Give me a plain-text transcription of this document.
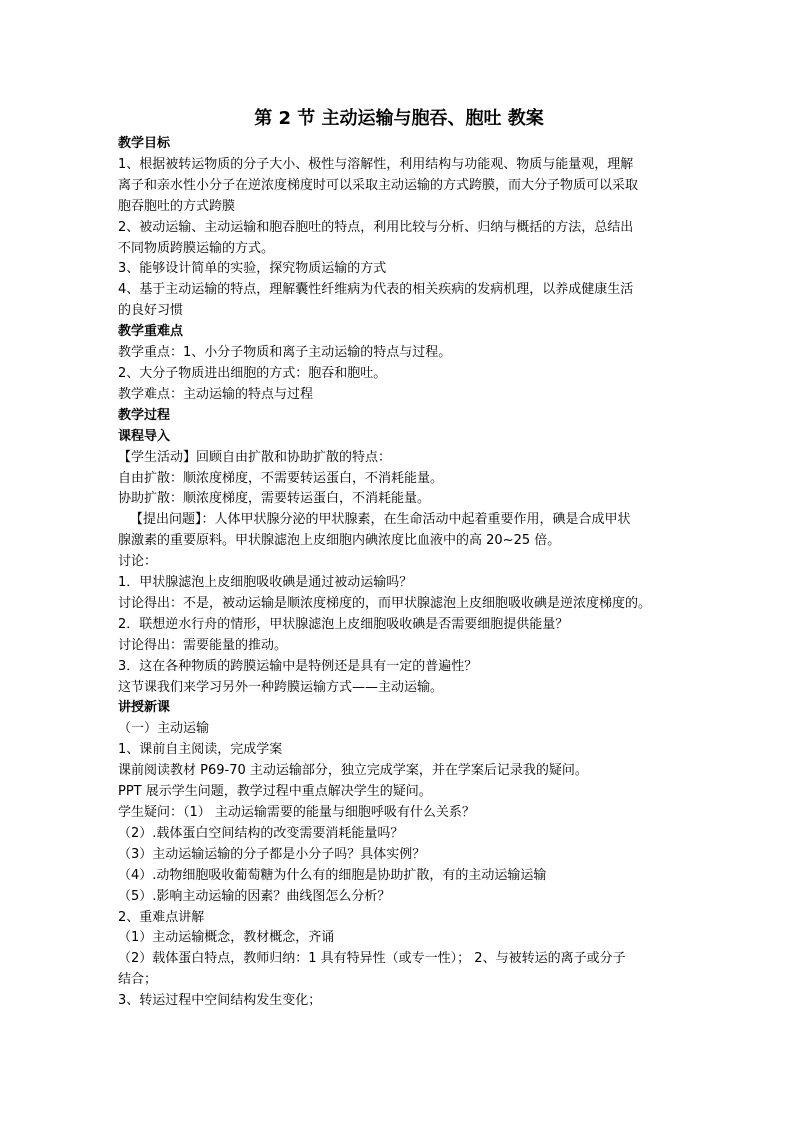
第 2 节 主动运输与胞吞、胞吐 教案

教学目标

1、根据被转运物质的分子大小、极性与溶解性，利用结构与功能观、物质与能量观，理解

离子和亲水性小分子在逆浓度梯度时可以采取主动运输的方式跨膜，而大分子物质可以采取

胞吞胞吐的方式跨膜

2、被动运输、主动运输和胞吞胞吐的特点，利用比较与分析、归纳与概括的方法，总结出

不同物质跨膜运输的方式。

3、能够设计简单的实验，探究物质运输的方式

4、基于主动运输的特点，理解囊性纤维病为代表的相关疾病的发病机理，以养成健康生活

的良好习惯

教学重难点

教学重点：1、小分子物质和离子主动运输的特点与过程。

2、大分子物质进出细胞的方式：胞吞和胞吐。

教学难点：主动运输的特点与过程

教学过程

课程导入

【学生活动】回顾自由扩散和协助扩散的特点：

自由扩散：顺浓度梯度，不需要转运蛋白，不消耗能量。

协助扩散：顺浓度梯度，需要转运蛋白，不消耗能量。

【提出问题】：人体甲状腺分泌的甲状腺素，在生命活动中起着重要作用，碘是合成甲状

腺激素的重要原料。甲状腺滤泡上皮细胞内碘浓度比血液中的高 20~25 倍。

讨论：

1．甲状腺滤泡上皮细胞吸收碘是通过被动运输吗？

讨论得出：不是，被动运输是顺浓度梯度的，而甲状腺滤泡上皮细胞吸收碘是逆浓度梯度的。

2．联想逆水行舟的情形，甲状腺滤泡上皮细胞吸收碘是否需要细胞提供能量？

讨论得出：需要能量的推动。

3．这在各种物质的跨膜运输中是特例还是具有一定的普遍性？

这节课我们来学习另外一种跨膜运输方式——主动运输。

讲授新课

（一）主动运输

1、课前自主阅读，完成学案

课前阅读教材 P69-70 主动运输部分，独立完成学案，并在学案后记录我的疑问。

PPT 展示学生问题，教学过程中重点解决学生的疑问。

学生疑问：（1） 主动运输需要的能量与细胞呼吸有什么关系？

（2）.载体蛋白空间结构的改变需要消耗能量吗？

（3）主动运输运输的分子都是小分子吗？具体实例？

（4）.动物细胞吸收葡萄糖为什么有的细胞是协助扩散，有的主动运输运输

（5）.影响主动运输的因素？曲线图怎么分析？

2、重难点讲解

（1）主动运输概念，教材概念，齐诵

（2）载体蛋白特点，教师归纳：1 具有特异性（或专一性）； 2、与被转运的离子或分子

结合；

3、转运过程中空间结构发生变化；
